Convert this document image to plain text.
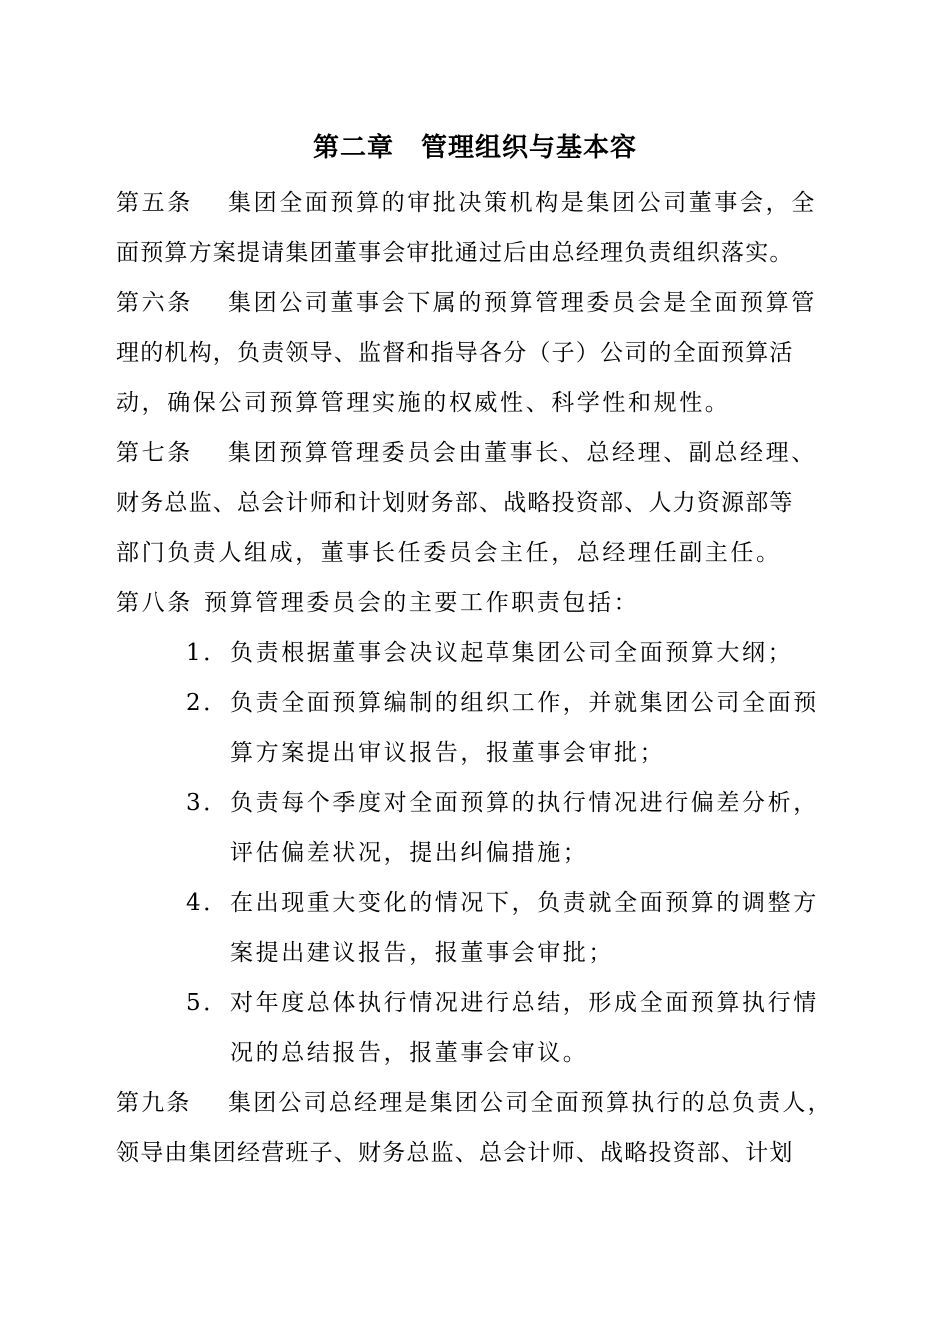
第二章　管理组织与基本容
第五条 集团全面预算的审批决策机构是集团公司董事会，全
面预算方案提请集团董事会审批通过后由总经理负责组织落实。
第六条 集团公司董事会下属的预算管理委员会是全面预算管
理的机构，负责领导、监督和指导各分（子）公司的全面预算活
动，确保公司预算管理实施的权威性、科学性和规性。
第七条 集团预算管理委员会由董事长、总经理、副总经理、
财务总监、总会计师和计划财务部、战略投资部、人力资源部等
部门负责人组成，董事长任委员会主任，总经理任副主任。
第八条 预算管理委员会的主要工作职责包括：
1．负责根据董事会决议起草集团公司全面预算大纲；
2．负责全面预算编制的组织工作，并就集团公司全面预
算方案提出审议报告，报董事会审批；
3．负责每个季度对全面预算的执行情况进行偏差分析，
评估偏差状况，提出纠偏措施；
4．在出现重大变化的情况下，负责就全面预算的调整方
案提出建议报告，报董事会审批；
5．对年度总体执行情况进行总结，形成全面预算执行情
况的总结报告，报董事会审议。
第九条 集团公司总经理是集团公司全面预算执行的总负责人，
领导由集团经营班子、财务总监、总会计师、战略投资部、计划
